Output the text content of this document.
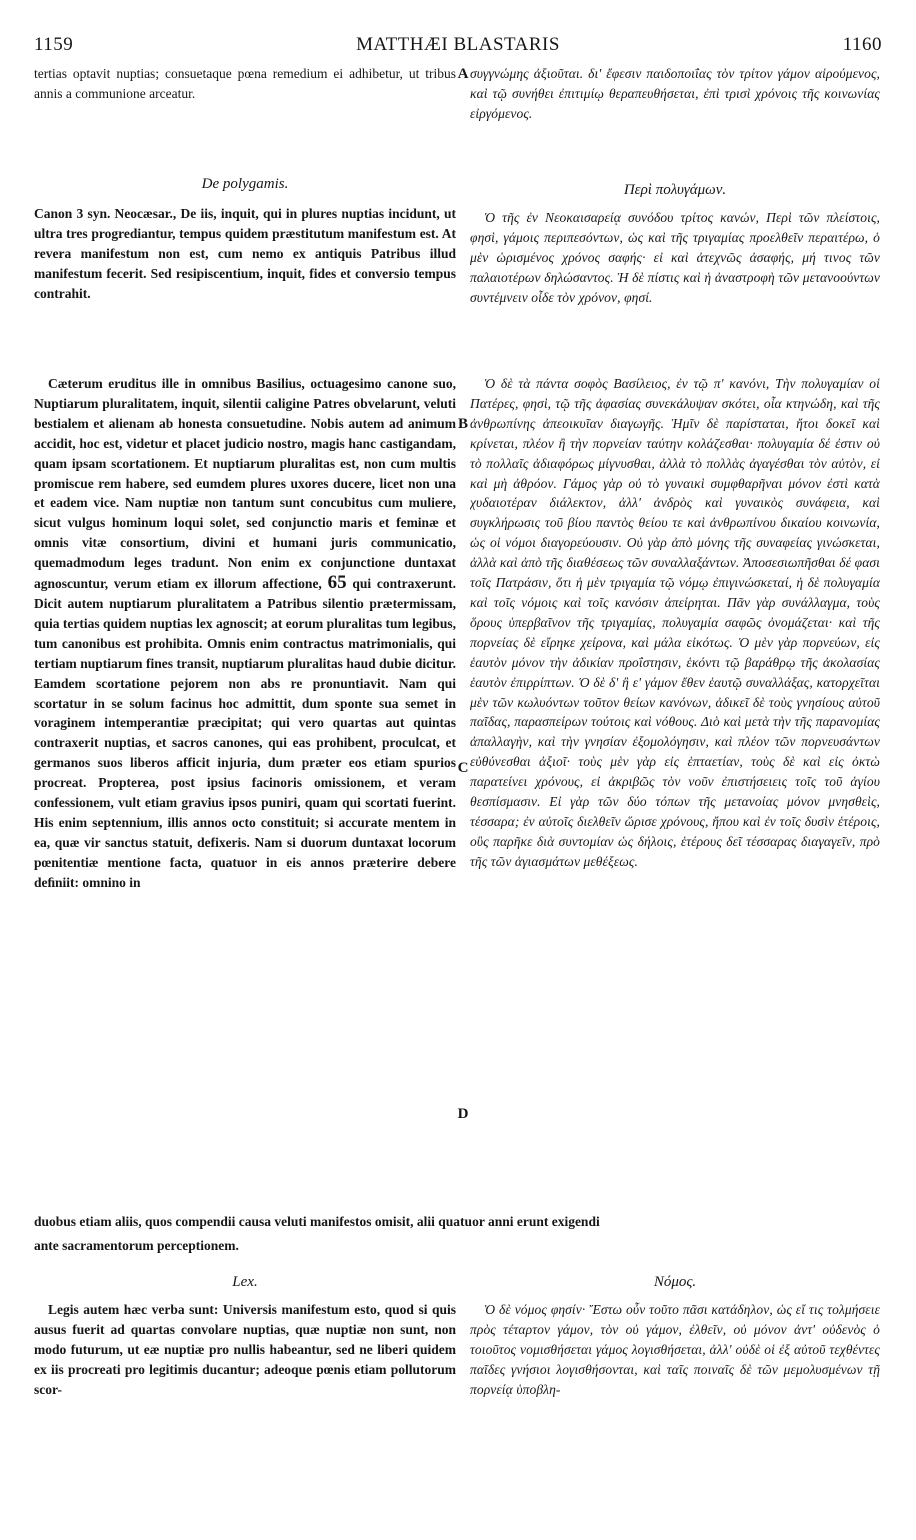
1159	MATTHÆI BLASTARIS	1160

tertias optavit nuptias; consuetaque pœna remedium ei adhibetur, ut tribus annis a communione arceatur.

De polygamis.

Canon 3 syn. Neocæsar., De iis, inquit, qui in plures nuptias incidunt, ut ultra tres progrediantur, tempus quidem præstitutum manifestum est. At revera manifestum non est, cum nemo ex antiquis Patribus illud manifestum fecerit. Sed resipiscentium, inquit, fides et conversio tempus contrahit.

Cæterum eruditus ille in omnibus Basilius, octuagesimo canone suo, Nuptiarum pluralitatem, inquit, silentii caligine Patres obvelarunt, veluti bestialem et alienam ab honesta consuetudine. Nobis autem ad animum accidit, hoc est, videtur et placet judicio nostro, magis hanc castigandam, quam ipsam scortationem. Et nuptiarum pluralitas est, non cum multis promiscue rem habere, sed eumdem plures uxores ducere, licet non una et eadem vice. Nam nuptiæ non tantum sunt concubitus cum muliere, sicut vulgus hominum loqui solet, sed conjunctio maris et feminæ et omnis vitæ consortium, divini et humani juris communicatio, quemadmodum leges tradunt. Non enim ex conjunctione duntaxat agnoscuntur, verum etiam ex illorum affectione, 65 qui contraxerunt. Dicit autem nuptiarum pluralitatem a Patribus silentio prætermissam, quia tertias quidem nuptias lex agnoscit; at eorum pluralitas tum legibus, tum canonibus est prohibita. Omnis enim contractus matrimonialis, qui tertiam nuptiarum fines transit, nuptiarum pluralitas haud dubie dicitur. Eamdem scortatione pejorem non abs re pronuntiavit. Nam qui scortatur in se solum facinus hoc admittit, dum sponte sua semet in voraginem intemperantiæ præcipitat; qui vero quartas aut quintas contraxerit nuptias, et sacros canones, qui eas prohibent, proculcat, et germanos suos liberos afficit injuria, dum præter eos etiam spurios procreat. Propterea, post ipsius facinoris omissionem, et veram confessionem, vult etiam gravius ipsos puniri, quam qui scortati fuerint. His enim septennium, illis annos octo constituit; si accurate mentem in ea, quæ vir sanctus statuit, defixeris. Nam si duorum duntaxat locorum pœnitentiæ mentione facta, quatuor in eis annos præterire debere deﬁniit: omnino in

συγγνώμης ἀξιοῦται. δι' ἔφεσιν παιδοποιΐας τὸν τρίτον γάμον αἱρούμενος, καὶ τῷ συνήθει ἐπιτιμίῳ θεραπευθήσεται, ἐπὶ τρισὶ χρόνοις τῆς κοινωνίας εἰργόμενος.

Περὶ πολυγάμων.

Ὁ τῆς ἐν Νεοκαισαρείᾳ συνόδου τρίτος κανών, Περὶ τῶν πλείστοις, φησὶ, γάμοις περιπεσόντων, ὡς καὶ τῆς τριγαμίας προελθεῖν περαιτέρω, ὁ μὲν ὡρισμένος χρόνος σαφής· εἰ καὶ ἀτεχνῶς ἀσαφής, μή τινος τῶν παλαιοτέρων δηλώσαντος. Ἡ δὲ πίστις καὶ ἡ ἀναστροφὴ τῶν μετανοούντων συντέμνειν οἶδε τὸν χρόνον, φησί.

Ὁ δὲ τὰ πάντα σοφὸς Βασίλειος, ἐν τῷ π' κανόνι, Τὴν πολυγαμίαν οἱ Πατέρες, φησὶ, τῷ τῆς ἀφασίας συνεκάλυψαν σκότει, οἷα κτηνώδη, καὶ τῆς ἀνθρωπίνης ἀπεοικυῖαν διαγωγῆς. Ἡμῖν δὲ παρίσταται, ἤτοι δοκεῖ καὶ κρίνεται, πλέον ἢ τὴν πορνείαν ταύτην κολάζεσθαι· πολυγαμία δέ ἐστιν οὐ τὸ πολλαῖς ἀδιαφόρως μίγνυσθαι, ἀλλὰ τὸ πολλὰς ἀγαγέσθαι τὸν αὐτὸν, εἰ καὶ μὴ ἀθρόον. Γάμος γὰρ οὐ τὸ γυναικὶ συμφθαρῆναι μόνον ἐστὶ κατὰ χυδαιοτέραν διάλεκτον, ἀλλ' ἀνδρὸς καὶ γυναικὸς συνάφεια, καὶ συγκλήρωσις τοῦ βίου παντὸς θείου τε καὶ ἀνθρωπίνου δικαίου κοινωνία, ὡς οἱ νόμοι διαγορεύουσιν. Οὐ γὰρ ἀπὸ μόνης τῆς συναφείας γινώσκεται, ἀλλὰ καὶ ἀπὸ τῆς διαθέσεως τῶν συναλλαξάντων. Ἀποσεσιωπῆσθαι δέ φασι τοῖς Πατράσιν, ὅτι ἡ μὲν τριγαμία τῷ νόμῳ ἐπιγινώσκεταί, ἡ δὲ πολυγαμία καὶ τοῖς νόμοις καὶ τοῖς κανόσιν ἀπείρηται. Πᾶν γὰρ συνάλλαγμα, τοὺς ὅρους ὑπερβαῖνον τῆς τριγαμίας, πολυγαμία σαφῶς ὀνομάζεται· καὶ τῆς πορνείας δὲ εἴρηκε χείρονα, καὶ μάλα εἰκότως. Ὁ μὲν γὰρ πορνεύων, εἰς ἑαυτὸν μόνον τὴν ἀδικίαν προΐστησιν, ἑκόντι τῷ βαράθρῳ τῆς ἀκολασίας ἑαυτὸν ἐπιρρίπτων. Ὁ δὲ δ' ἢ ε' γάμον ἔθεν ἑαυτῷ συναλλάξας, κατορχεῖται μὲν τῶν κωλυόντων τοῦτον θείων κανόνων, ἀδικεῖ δὲ τοὺς γνησίους αὐτοῦ παῖδας, παρασπείρων τούτοις καὶ νόθους. Διὸ καὶ μετὰ τὴν τῆς παρανομίας ἀπαλλαγὴν, καὶ τὴν γνησίαν ἐξομολόγησιν, καὶ πλέον τῶν πορνευσάντων εὐθύνεσθαι ἀξιοῖ· τοὺς μὲν γὰρ εἰς ἑπταετίαν, τοὺς δὲ καὶ εἰς ὀκτὼ παρατείνει χρόνους, εἰ ἀκριβῶς τὸν νοῦν ἐπιστήσειεις τοῖς τοῦ ἁγίου θεσπίσμασιν. Εἰ γὰρ τῶν δύο τόπων τῆς μετανοίας μόνον μνησθεὶς, τέσσαρα; ἐν αὐτοῖς διελθεῖν ὥρισε χρόνους, ἤπου καὶ ἐν τοῖς δυσὶν ἑτέροις, οὓς παρῆκε διὰ συντομίαν ὡς δήλοις, ἑτέρους δεῖ τέσσαρας διαγαγεῖν, πρὸ τῆς τῶν ἁγιασμάτων μεθέξεως.

A
B
C
D
duobus etiam aliis, quos compendii causa veluti manifestos omisit, alii quatuor anni erunt exigendi
ante sacramentorum perceptionem.
Lex.	Νόμος.

Legis autem hæc verba sunt: Universis manifestum esto, quod si quis ausus fuerit ad quartas convolare nuptias, quæ nuptiæ non sunt, non modo futurum, ut eæ nuptiæ pro nullis habeantur, sed ne liberi quidem ex iis procreati pro legitimis ducantur; adeoque pœnis etiam pollutorum scor-

Ὁ δὲ νόμος φησίν· Ἔστω οὖν τοῦτο πᾶσι κατάδηλον, ὡς εἴ τις τολμήσειε πρὸς τέταρτον γάμον, τὸν οὐ γάμον, ἐλθεῖν, οὐ μόνον ἀντ' οὐδενὸς ὁ τοιοῦτος νομισθήσεται γάμος λογισθήσεται, ἀλλ' οὐδὲ οἱ ἐξ αὐτοῦ τεχθέντες παῖδες γνήσιοι λογισθήσονται, καὶ ταῖς ποιναῖς δὲ τῶν μεμολυσμένων τῇ πορνείᾳ ὑποβλη-
